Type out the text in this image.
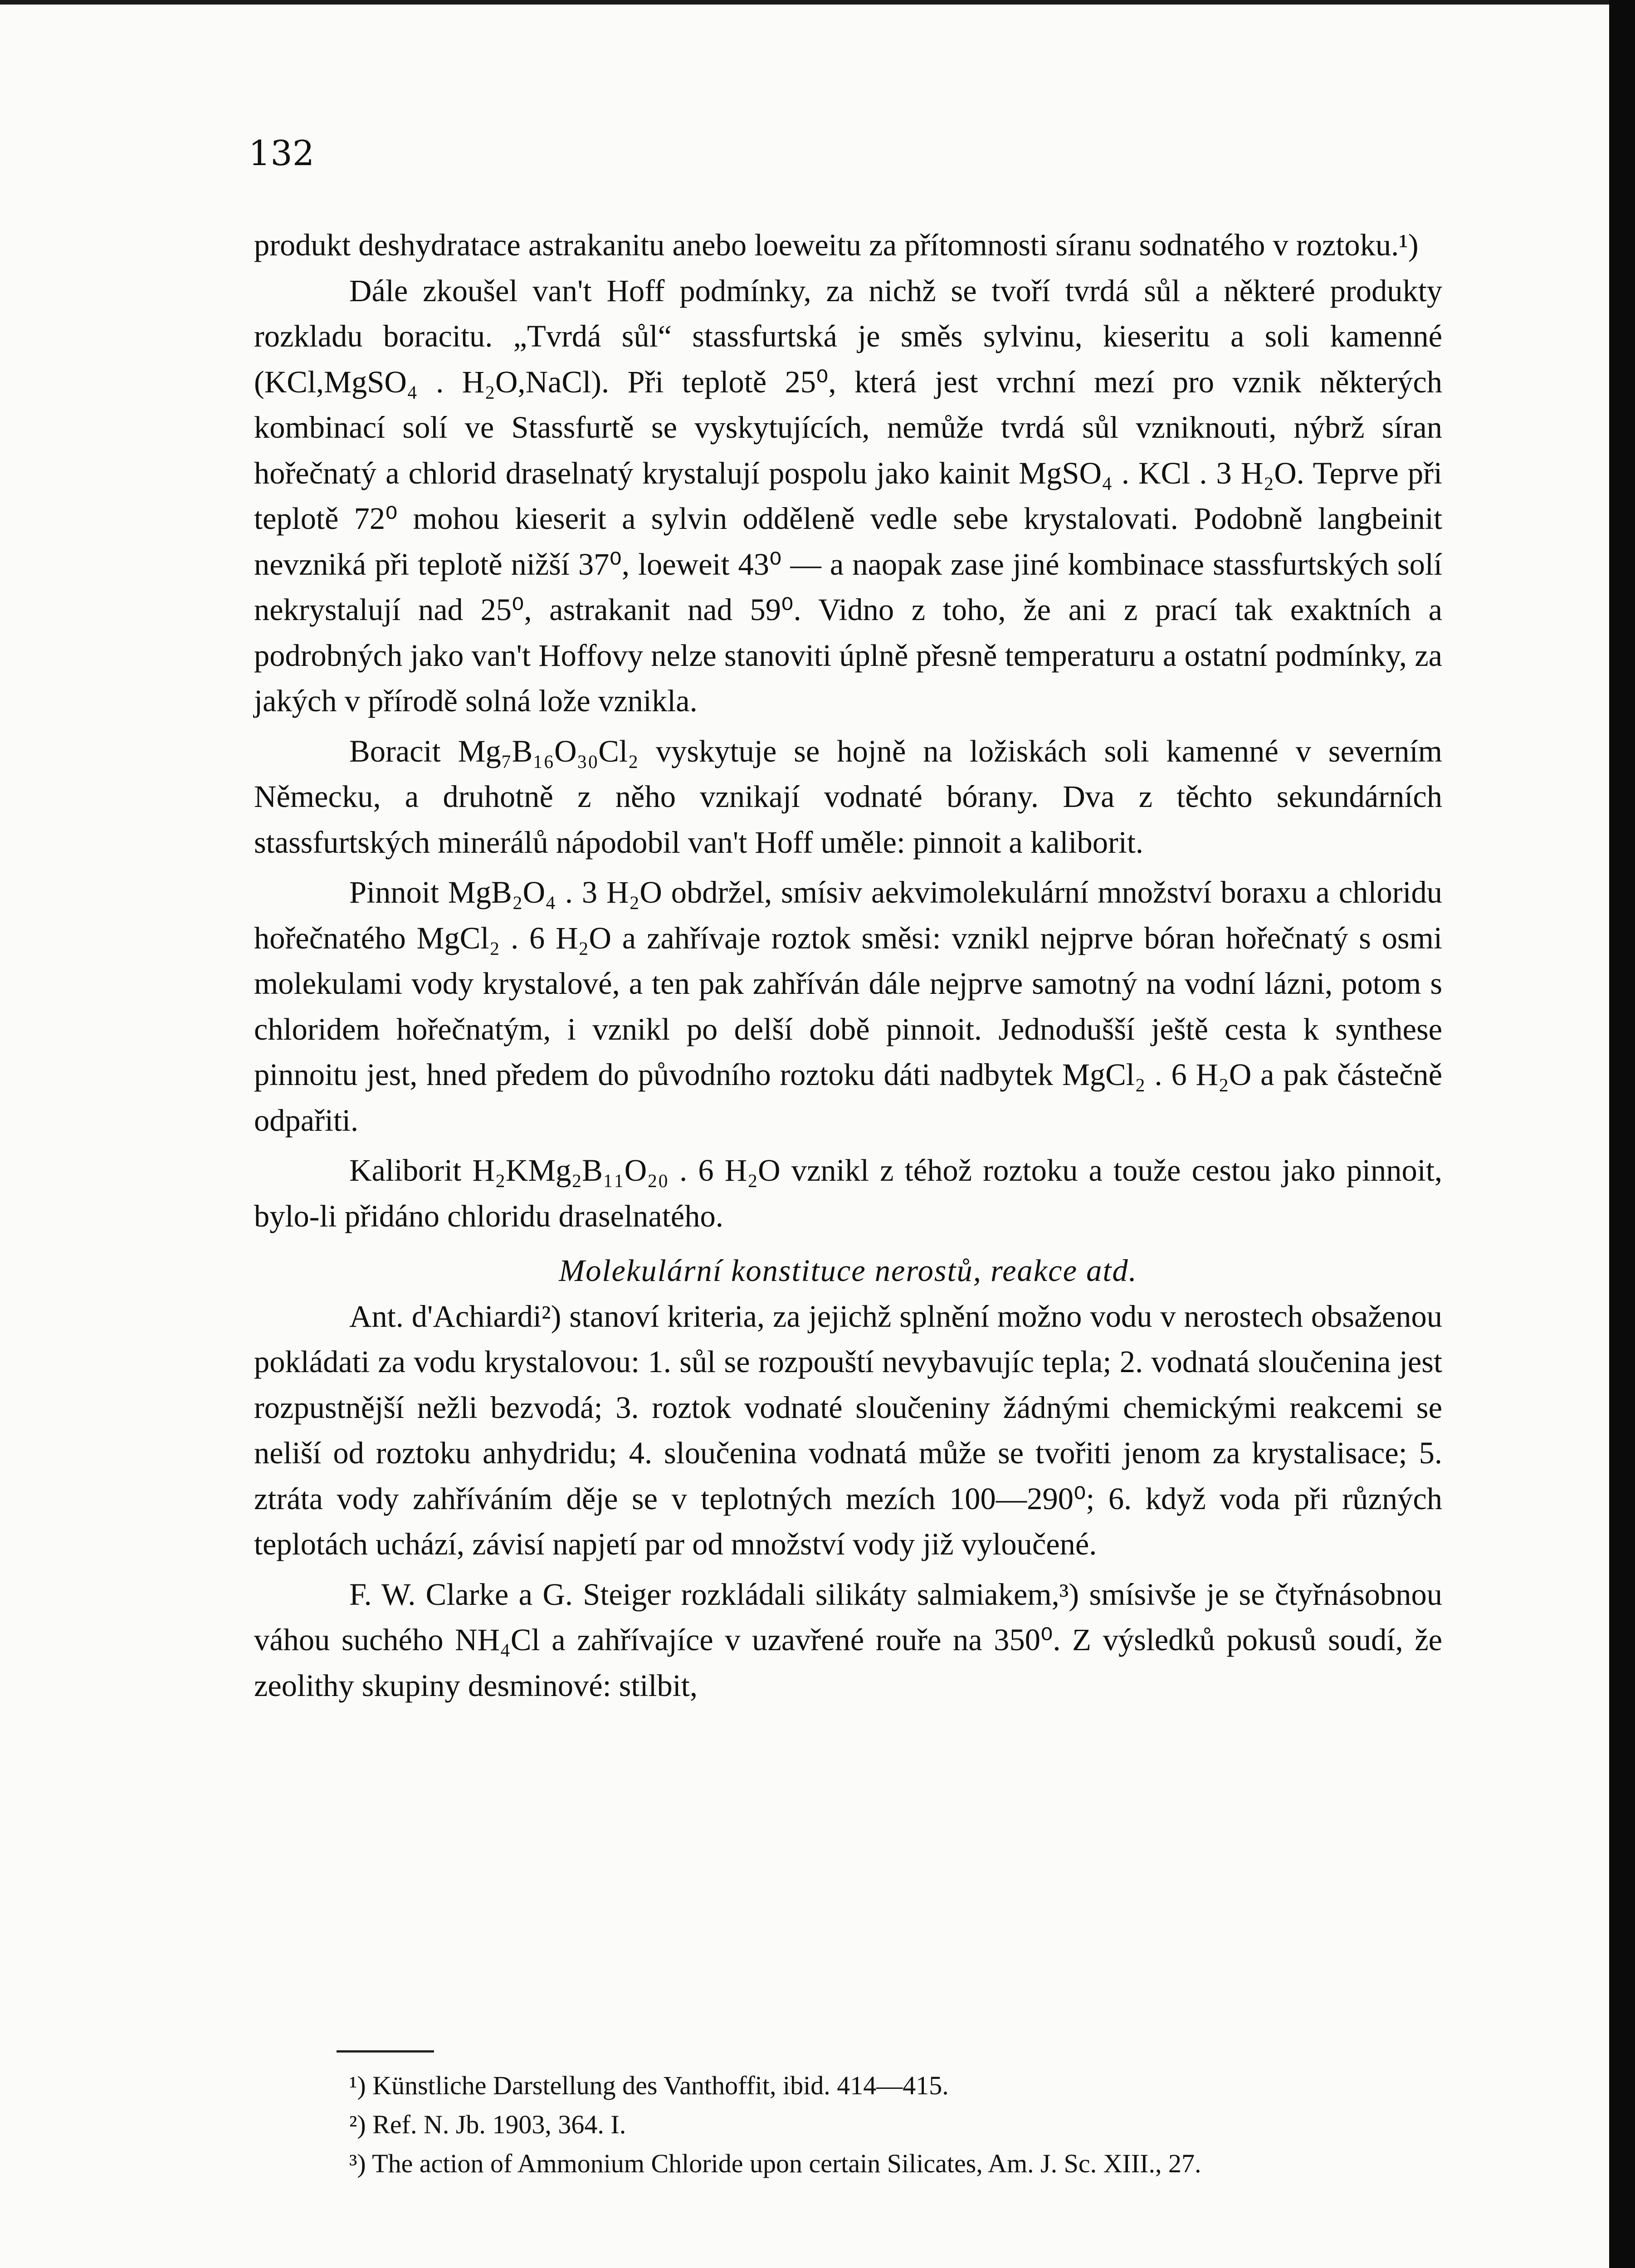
132

produkt deshydratace astrakanitu anebo loeweitu za přítomnosti síranu sodnatého v roztoku.¹)

Dále zkoušel van't Hoff podmínky, za nichž se tvoří tvrdá sůl a některé produkty rozkladu boracitu. „Tvrdá sůl“ stassfurtská je směs sylvinu, kieseritu a soli kamenné (KCl,MgSO₄ . H₂O,NaCl). Při teplotě 25⁰, která jest vrchní mezí pro vznik některých kombinací solí ve Stassfurtě se vyskytujících, nemůže tvrdá sůl vzniknouti, nýbrž síran hořečnatý a chlorid draselnatý krystalují pospolu jako kainit MgSO₄ . KCl . 3 H₂O. Teprve při teplotě 72⁰ mohou kieserit a sylvin odděleně vedle sebe krystalovati. Podobně langbeinit nevzniká při teplotě nižší 37⁰, loeweit 43⁰ — a naopak zase jiné kombinace stassfurtských solí nekrystalují nad 25⁰, astrakanit nad 59⁰. Vidno z toho, že ani z prací tak exaktních a podrobných jako van't Hoffovy nelze stanoviti úplně přesně temperaturu a ostatní podmínky, za jakých v přírodě solná lože vznikla.

Boracit Mg₇B₁₆O₃₀Cl₂ vyskytuje se hojně na ložiskách soli kamenné v severním Německu, a druhotně z něho vznikají vodnaté bórany. Dva z těchto sekundárních stassfurtských minerálů nápodobil van't Hoff uměle: pinnoit a kaliborit.

Pinnoit MgB₂O₄ . 3 H₂O obdržel, smísiv aekvimolekulární množství boraxu a chloridu hořečnatého MgCl₂ . 6 H₂O a zahřívaje roztok směsi: vznikl nejprve bóran hořečnatý s osmi molekulami vody krystalové, a ten pak zahříván dále nejprve samotný na vodní lázni, potom s chloridem hořečnatým, i vznikl po delší době pinnoit. Jednodušší ještě cesta k synthese pinnoitu jest, hned předem do původního roztoku dáti nadbytek MgCl₂ . 6 H₂O a pak částečně odpařiti.

Kaliborit H₂KMg₂B₁₁O₂₀ . 6 H₂O vznikl z téhož roztoku a touže cestou jako pinnoit, bylo-li přidáno chloridu draselnatého.

Molekulární konstituce nerostů, reakce atd.

Ant. d'Achiardi²) stanoví kriteria, za jejichž splnění možno vodu v nerostech obsaženou pokládati za vodu krystalovou: 1. sůl se rozpouští nevybavujíc tepla; 2. vodnatá sloučenina jest rozpustnější nežli bezvodá; 3. roztok vodnaté sloučeniny žádnými chemickými reakcemi se neliší od roztoku anhydridu; 4. sloučenina vodnatá může se tvořiti jenom za krystalisace; 5. ztráta vody zahříváním děje se v teplotných mezích 100—290⁰; 6. když voda při různých teplotách uchází, závisí napjetí par od množství vody již vyloučené.

F. W. Clarke a G. Steiger rozkládali silikáty salmiakem,³) smísivše je se čtyřnásobnou váhou suchého NH₄Cl a zahřívajíce v uzavřené rouře na 350⁰. Z výsledků pokusů soudí, že zeolithy skupiny desminové: stilbit,

¹) Künstliche Darstellung des Vanthoffit, ibid. 414—415.
²) Ref. N. Jb. 1903, 364. I.
³) The action of Ammonium Chloride upon certain Silicates, Am. J. Sc. XIII., 27.
